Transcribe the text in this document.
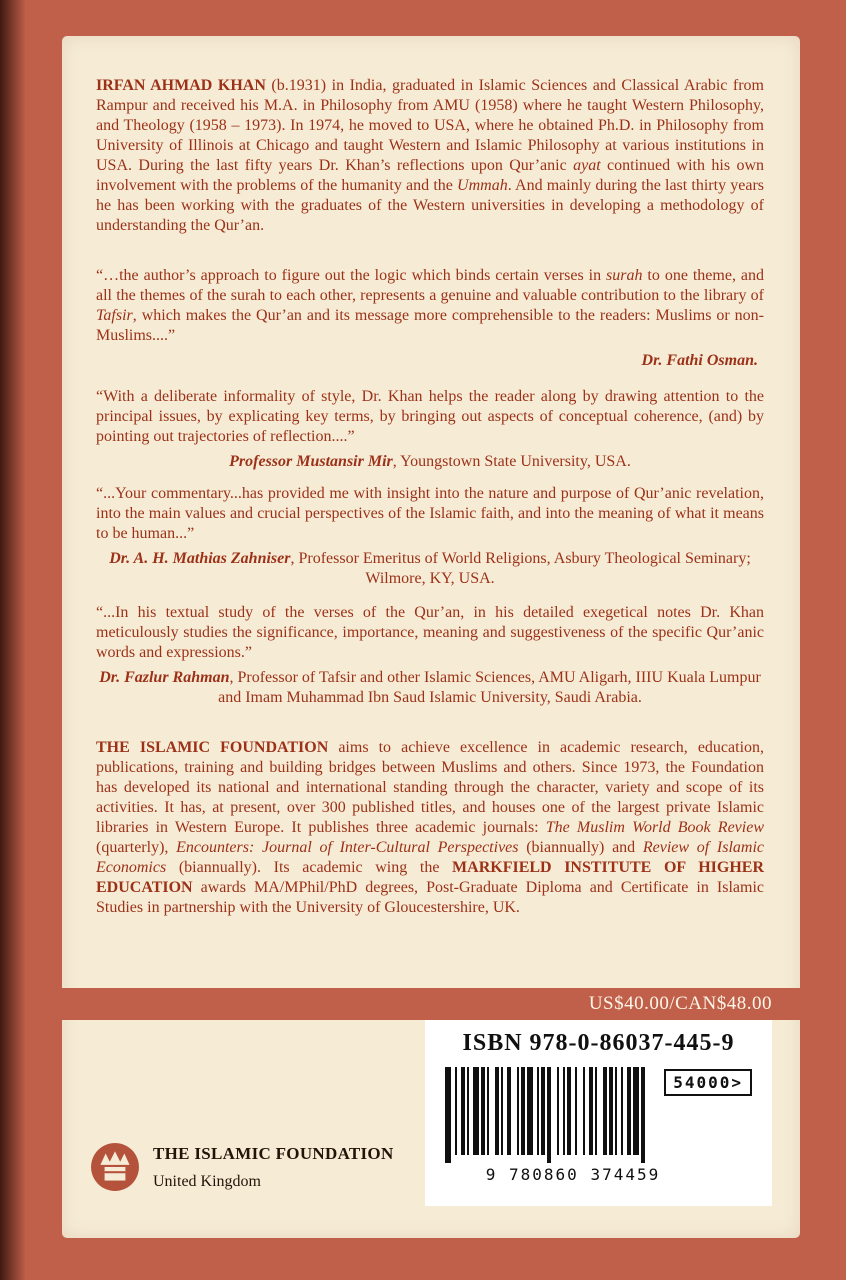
IRFAN AHMAD KHAN (b.1931) in India, graduated in Islamic Sciences and Classical Arabic from Rampur and received his M.A. in Philosophy from AMU (1958) where he taught Western Philosophy, and Theology (1958 – 1973). In 1974, he moved to USA, where he obtained Ph.D. in Philosophy from University of Illinois at Chicago and taught Western and Islamic Philosophy at various institutions in USA. During the last fifty years Dr. Khan’s reflections upon Qur’anic ayat continued with his own involvement with the problems of the humanity and the Ummah. And mainly during the last thirty years he has been working with the graduates of the Western universities in developing a methodology of understanding the Qur’an.

“…the author’s approach to figure out the logic which binds certain verses in surah to one theme, and all the themes of the surah to each other, represents a genuine and valuable contribution to the library of Tafsir, which makes the Qur’an and its message more comprehensible to the readers: Muslims or non-Muslims....”

Dr. Fathi Osman.

“With a deliberate informality of style, Dr. Khan helps the reader along by drawing attention to the principal issues, by explicating key terms, by bringing out aspects of conceptual coherence, (and) by pointing out trajectories of reflection....”

Professor Mustansir Mir, Youngstown State University, USA.

“...Your commentary...has provided me with insight into the nature and purpose of Qur’anic revelation, into the main values and crucial perspectives of the Islamic faith, and into the meaning of what it means to be human...”

Dr. A. H. Mathias Zahniser, Professor Emeritus of World Religions, Asbury Theological Seminary; Wilmore, KY, USA.

“...In his textual study of the verses of the Qur’an, in his detailed exegetical notes Dr. Khan meticulously studies the significance, importance, meaning and suggestiveness of the specific Qur’anic words and expressions.”

Dr. Fazlur Rahman, Professor of Tafsir and other Islamic Sciences, AMU Aligarh, IIIU Kuala Lumpur and Imam Muhammad Ibn Saud Islamic University, Saudi Arabia.

THE ISLAMIC FOUNDATION aims to achieve excellence in academic research, education, publications, training and building bridges between Muslims and others. Since 1973, the Foundation has developed its national and international standing through the character, variety and scope of its activities. It has, at present, over 300 published titles, and houses one of the largest private Islamic libraries in Western Europe. It publishes three academic journals: The Muslim World Book Review (quarterly), Encounters: Journal of Inter-Cultural Perspectives (biannually) and Review of Islamic Economics (biannually). Its academic wing the MARKFIELD INSTITUTE OF HIGHER EDUCATION awards MA/MPhil/PhD degrees, Post-Graduate Diploma and Certificate in Islamic Studies in partnership with the University of Gloucestershire, UK.

US$40.00/CAN$48.00
ISBN 978-0-86037-445-9
9 780860 374459
54000>
THE ISLAMIC FOUNDATION
United Kingdom
